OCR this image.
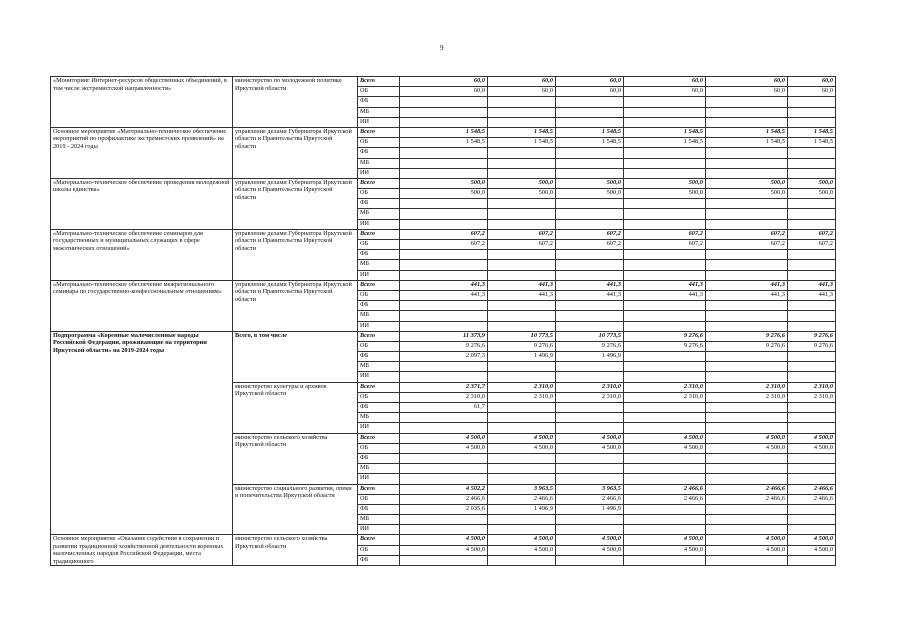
9
«Мониторинг Интернет-ресурсов общественных объединений, в том числе экстремистской направленности»	министерство по молодежной политике Иркутской области	Всего	60,0	60,0	60,0	60,0	60,0	60,0
		ОБ	60,0	60,0	60,0	60,0	60,0	60,0
		ФБ						
		МБ						
		ИИ						
Основное мероприятие «Материально-техническое обеспечение мероприятий по профилактике экстремистских проявлений» на 2019 - 2024 годы	управление делами Губернатора Иркутской области и Правительства Иркутской области	Всего	1 548,5	1 548,5	1 548,5	1 548,5	1 548,5	1 548,5
		ОБ	1 548,5	1 548,5	1 548,5	1 548,5	1 548,5	1 548,5
		ФБ						
		МБ						
		ИИ						
«Материально-техническое обеспечение проведения молодежной школы единства»	управление делами Губернатора Иркутской области и Правительства Иркутской области	Всего	500,0	500,0	500,0	500,0	500,0	500,0
		ОБ	500,0	500,0	500,0	500,0	500,0	500,0
		ФБ						
		МБ						
		ИИ						
«Материально-техническое обеспечение семинаров для государственных и муниципальных служащих в сфере межэтнических отношений»	управление делами Губернатора Иркутской области и Правительства Иркутской области	Всего	607,2	607,2	607,2	607,2	607,2	607,2
		ОБ	607,2	607,2	607,2	607,2	607,2	607,2
		ФБ						
		МБ						
		ИИ						
«Материально-техническое обеспечение межрегионального семинара по государственно-конфессиональным отношениям»	управление делами Губернатора Иркутской области и Правительства Иркутской области	Всего	441,3	441,3	441,3	441,3	441,3	441,3
		ОБ	441,3	441,3	441,3	441,3	441,3	441,3
		ФБ						
		МБ						
		ИИ						
Подпрограмма «Коренные малочисленные народы Российской Федерации, проживающие на территории Иркутской области» на 2019-2024 годы	Всего, в том числе	Всего	11 373,9	10 773,5	10 773,5	9 276,6	9 276,6	9 276,6
		ОБ	9 276,6	9 276,6	9 276,6	9 276,6	9 276,6	9 276,6
		ФБ	2 097,3	1 496,9	1 496,9			
		МБ						
		ИИ						
	министерство культуры и архивов Иркутской области	Всего	2 371,7	2 310,0	2 310,0	2 310,0	2 310,0	2 310,0
		ОБ	2 310,0	2 310,0	2 310,0	2 310,0	2 310,0	2 310,0
		ФБ	61,7					
		МБ						
		ИИ						
	министерство сельского хозяйства Иркутской области	Всего	4 500,0	4 500,0	4 500,0	4 500,0	4 500,0	4 500,0
		ОБ	4 500,0	4 500,0	4 500,0	4 500,0	4 500,0	4 500,0
		ФБ						
		МБ						
		ИИ						
	министерство социального развития, опеки и попечительства Иркутской области	Всего	4 502,2	3 963,5	3 963,5	2 466,6	2 466,6	2 466,6
		ОБ	2 466,6	2 466,6	2 466,6	2 466,6	2 466,6	2 466,6
		ФБ	2 035,6	1 496,9	1 496,9			
		МБ						
		ИИ						
Основное мероприятие «Оказание содействия в сохранении и развитии традиционной хозяйственной деятельности коренных малочисленных народов Российской Федерации, места традиционного	министерство сельского хозяйства Иркутской области	Всего	4 500,0	4 500,0	4 500,0	4 500,0	4 500,0	4 500,0
		ОБ	4 500,0	4 500,0	4 500,0	4 500,0	4 500,0	4 500,0
		ФБ						
